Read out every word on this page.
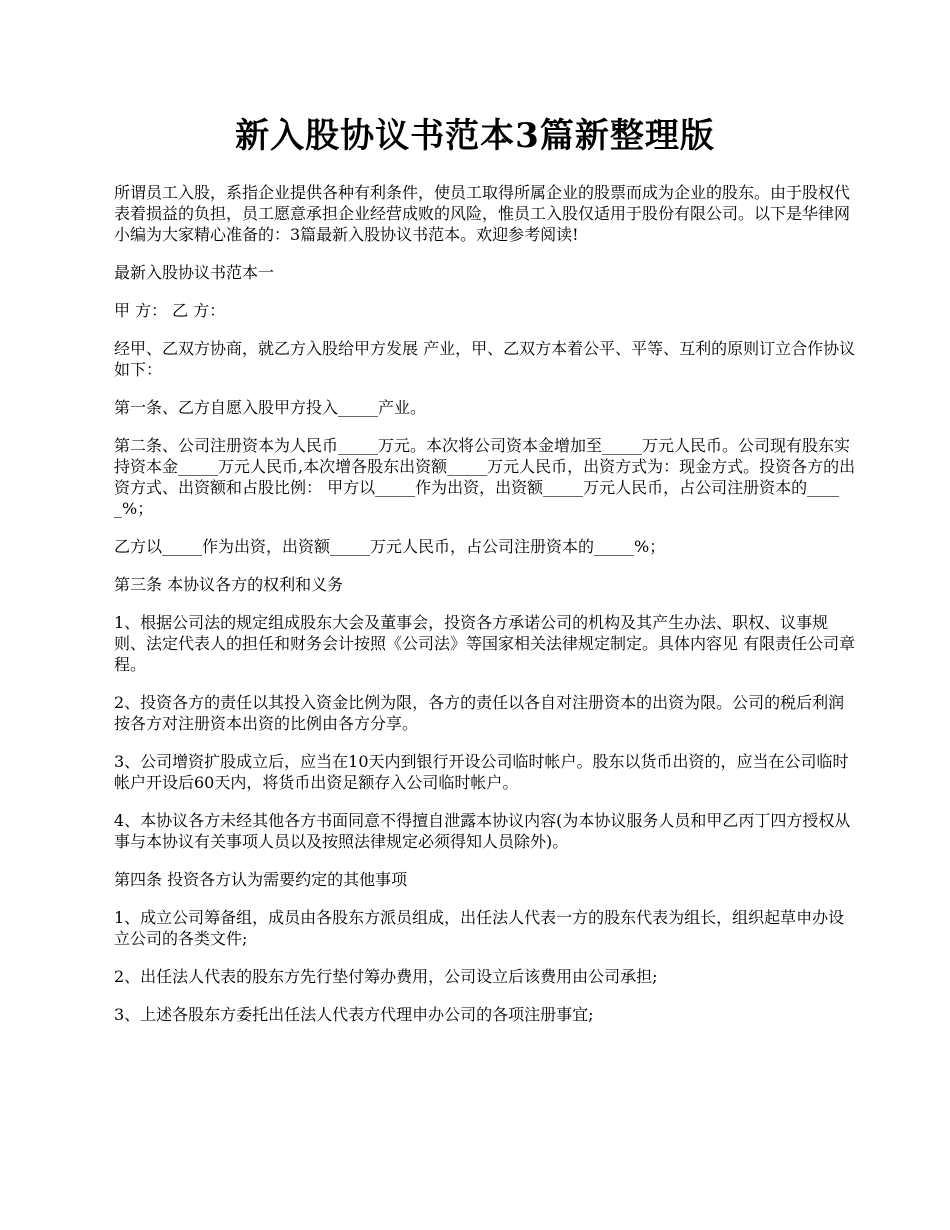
新入股协议书范本3篇新整理版

所谓员工入股，系指企业提供各种有利条件，使员工取得所属企业的股票而成为企业的股东。由于股权代表着损益的负担，员工愿意承担企业经营成败的风险，惟员工入股仅适用于股份有限公司。以下是华律网小编为大家精心准备的：3篇最新入股协议书范本。欢迎参考阅读!

最新入股协议书范本一

甲 方： 乙 方：

经甲、乙双方协商，就乙方入股给甲方发展 产业，甲、乙双方本着公平、平等、互利的原则订立合作协议如下：

第一条、乙方自愿入股甲方投入_____产业。

第二条、公司注册资本为人民币_____万元。本次将公司资本金增加至_____万元人民币。公司现有股东实持资本金_____万元人民币,本次增各股东出资额_____万元人民币，出资方式为：现金方式。投资各方的出资方式、出资额和占股比例： 甲方以_____作为出资，出资额_____万元人民币，占公司注册资本的_____%；

乙方以_____作为出资，出资额_____万元人民币，占公司注册资本的_____%；

第三条 本协议各方的权利和义务

1、根据公司法的规定组成股东大会及董事会，投资各方承诺公司的机构及其产生办法、职权、议事规则、法定代表人的担任和财务会计按照《公司法》等国家相关法律规定制定。具体内容见 有限责任公司章程。

2、投资各方的责任以其投入资金比例为限，各方的责任以各自对注册资本的出资为限。公司的税后利润按各方对注册资本出资的比例由各方分享。

3、公司增资扩股成立后，应当在10天内到银行开设公司临时帐户。股东以货币出资的，应当在公司临时帐户开设后60天内，将货币出资足额存入公司临时帐户。

4、本协议各方未经其他各方书面同意不得擅自泄露本协议内容(为本协议服务人员和甲乙丙丁四方授权从事与本协议有关事项人员以及按照法律规定必须得知人员除外)。

第四条 投资各方认为需要约定的其他事项

1、成立公司筹备组，成员由各股东方派员组成，出任法人代表一方的股东代表为组长，组织起草申办设立公司的各类文件;

2、出任法人代表的股东方先行垫付筹办费用，公司设立后该费用由公司承担;

3、上述各股东方委托出任法人代表方代理申办公司的各项注册事宜;
